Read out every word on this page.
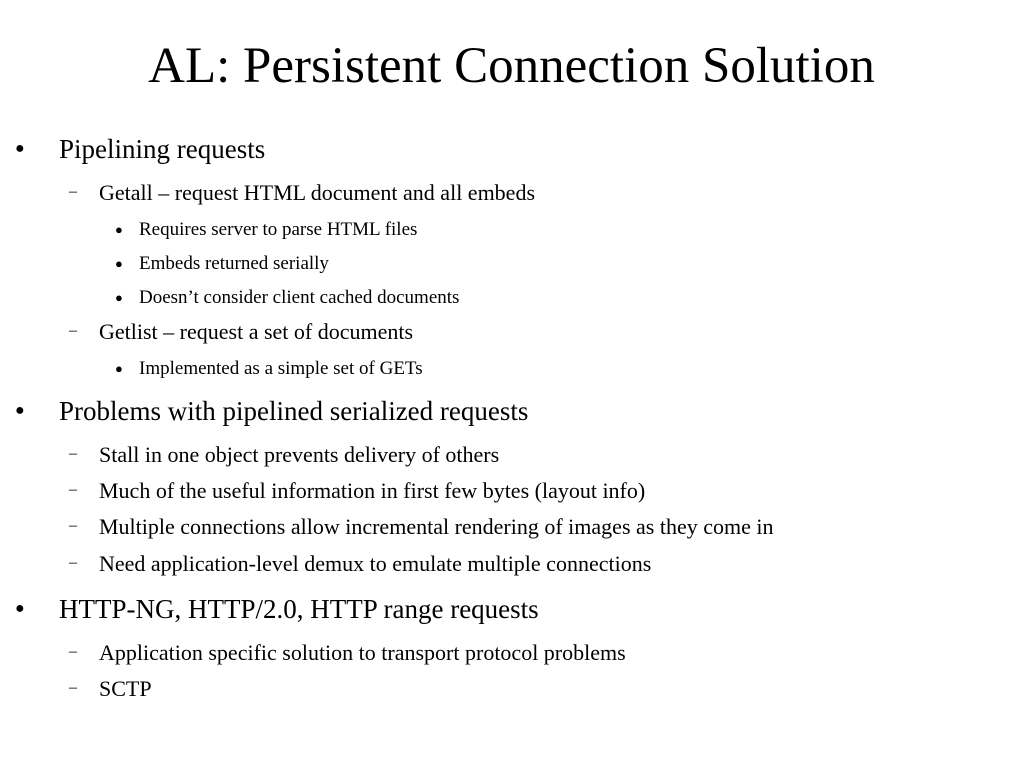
AL: Persistent Connection Solution
● Pipelining requests
– Getall – request HTML document and all embeds
● Requires server to parse HTML files
● Embeds returned serially
● Doesn’t consider client cached documents
– Getlist – request a set of documents
● Implemented as a simple set of GETs
● Problems with pipelined serialized requests
– Stall in one object prevents delivery of others
– Much of the useful information in first few bytes (layout info)
– Multiple connections allow incremental rendering of images as they come in
– Need application-level demux to emulate multiple connections
● HTTP-NG, HTTP/2.0, HTTP range requests
– Application specific solution to transport protocol problems
– SCTP
